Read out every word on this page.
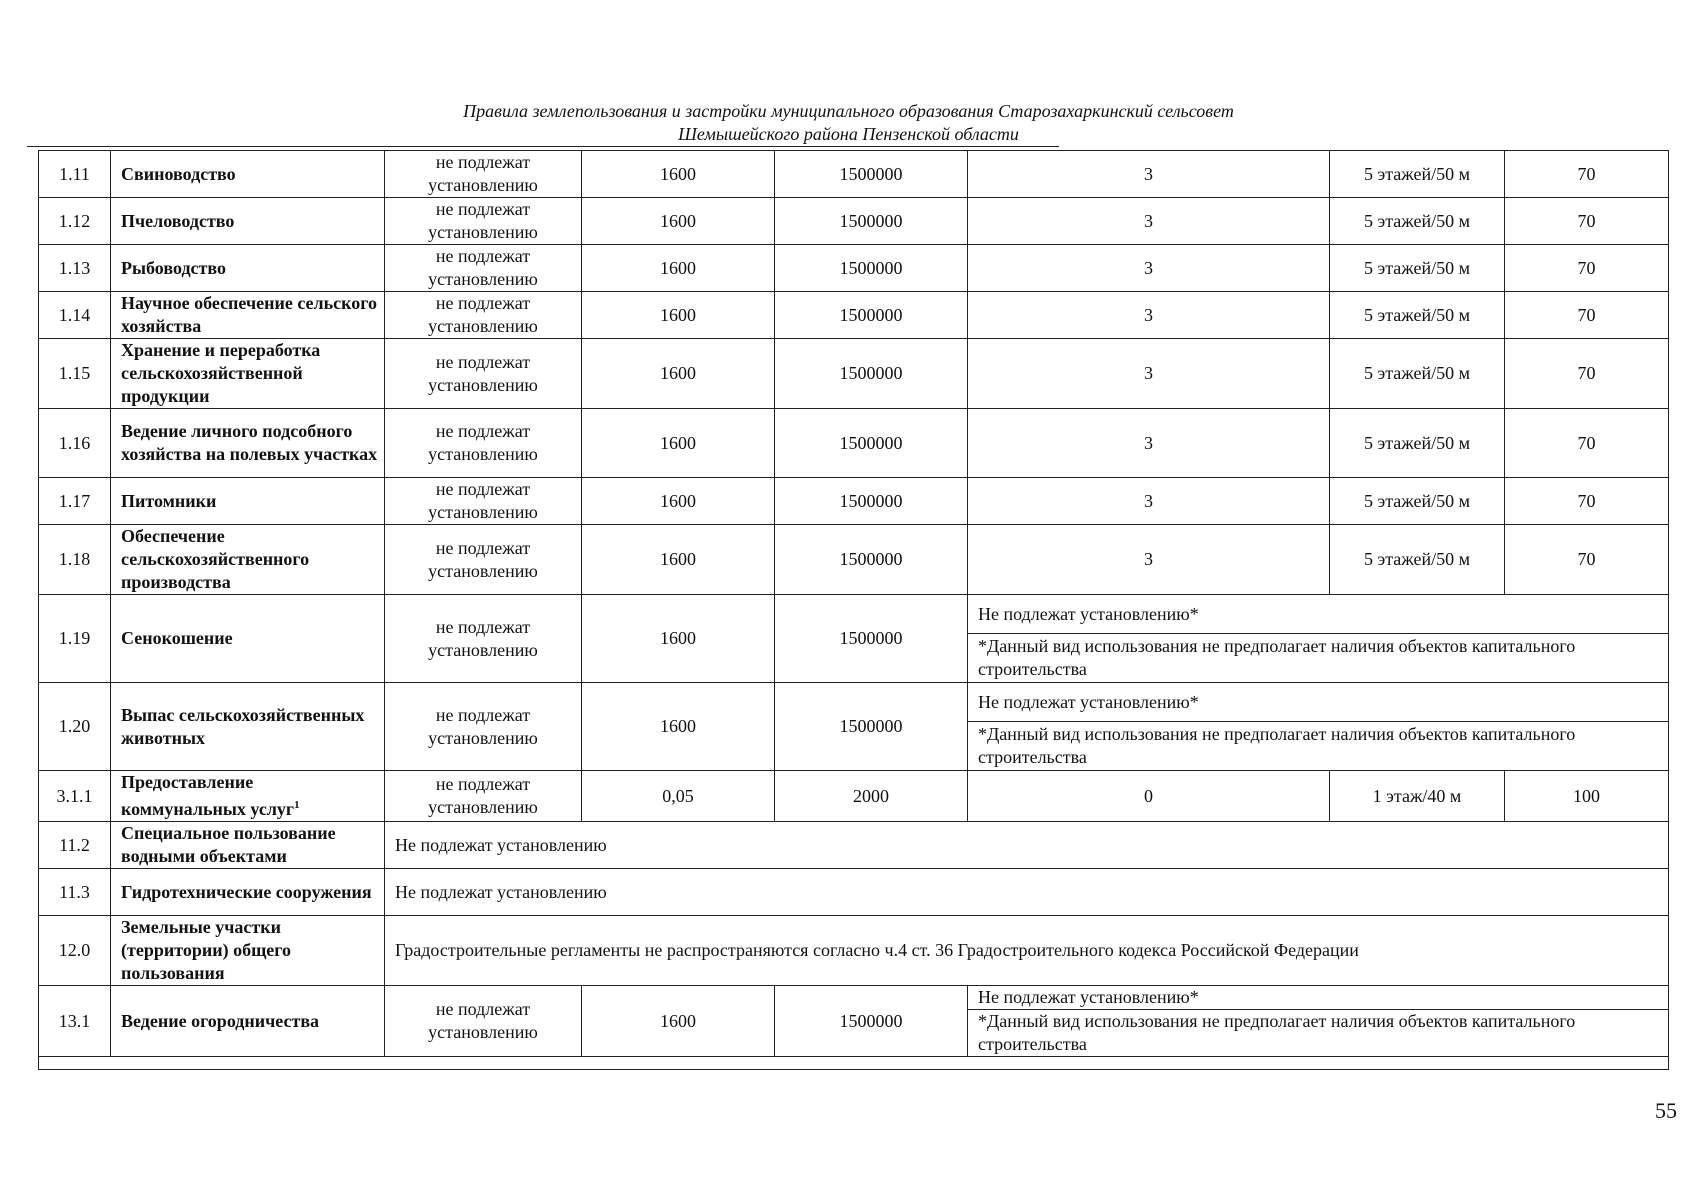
Правила землепользования и застройки муниципального образования Старозахаркинский сельсовет
Шемышейского района Пензенской области
1.11	Свиноводство	не подлежат установлению	1600	1500000	3	5 этажей/50 м	70
1.12	Пчеловодство	не подлежат установлению	1600	1500000	3	5 этажей/50 м	70
1.13	Рыбоводство	не подлежат установлению	1600	1500000	3	5 этажей/50 м	70
1.14	Научное обеспечение сельского хозяйства	не подлежат установлению	1600	1500000	3	5 этажей/50 м	70
1.15	Хранение и переработка сельскохозяйственной продукции	не подлежат установлению	1600	1500000	3	5 этажей/50 м	70
1.16	Ведение личного подсобного хозяйства на полевых участках	не подлежат установлению	1600	1500000	3	5 этажей/50 м	70
1.17	Питомники	не подлежат установлению	1600	1500000	3	5 этажей/50 м	70
1.18	Обеспечение сельскохозяйственного производства	не подлежат установлению	1600	1500000	3	5 этажей/50 м	70
1.19	Сенокошение	не подлежат установлению	1600	1500000	Не подлежат установлению*		
					*Данный вид использования не предполагает наличия объектов капитального строительства		
1.20	Выпас сельскохозяйственных животных	не подлежат установлению	1600	1500000	Не подлежат установлению*		
					*Данный вид использования не предполагает наличия объектов капитального строительства		
3.1.1	Предоставление коммунальных услуг$^1$	не подлежат установлению	0,05	2000	0	1 этаж/40 м	100
11.2	Специальное пользование водными объектами	Не подлежат установлению					
11.3	Гидротехнические сооружения	Не подлежат установлению					
12.0	Земельные участки (территории) общего пользования	Градостроительные регламенты не распространяются согласно ч.4 ст. 36 Градостроительного кодекса Российской Федерации					
13.1	Ведение огородничества	не подлежат установлению	1600	1500000	Не подлежат установлению*		
					*Данный вид использования не предполагает наличия объектов капитального строительства		

55
